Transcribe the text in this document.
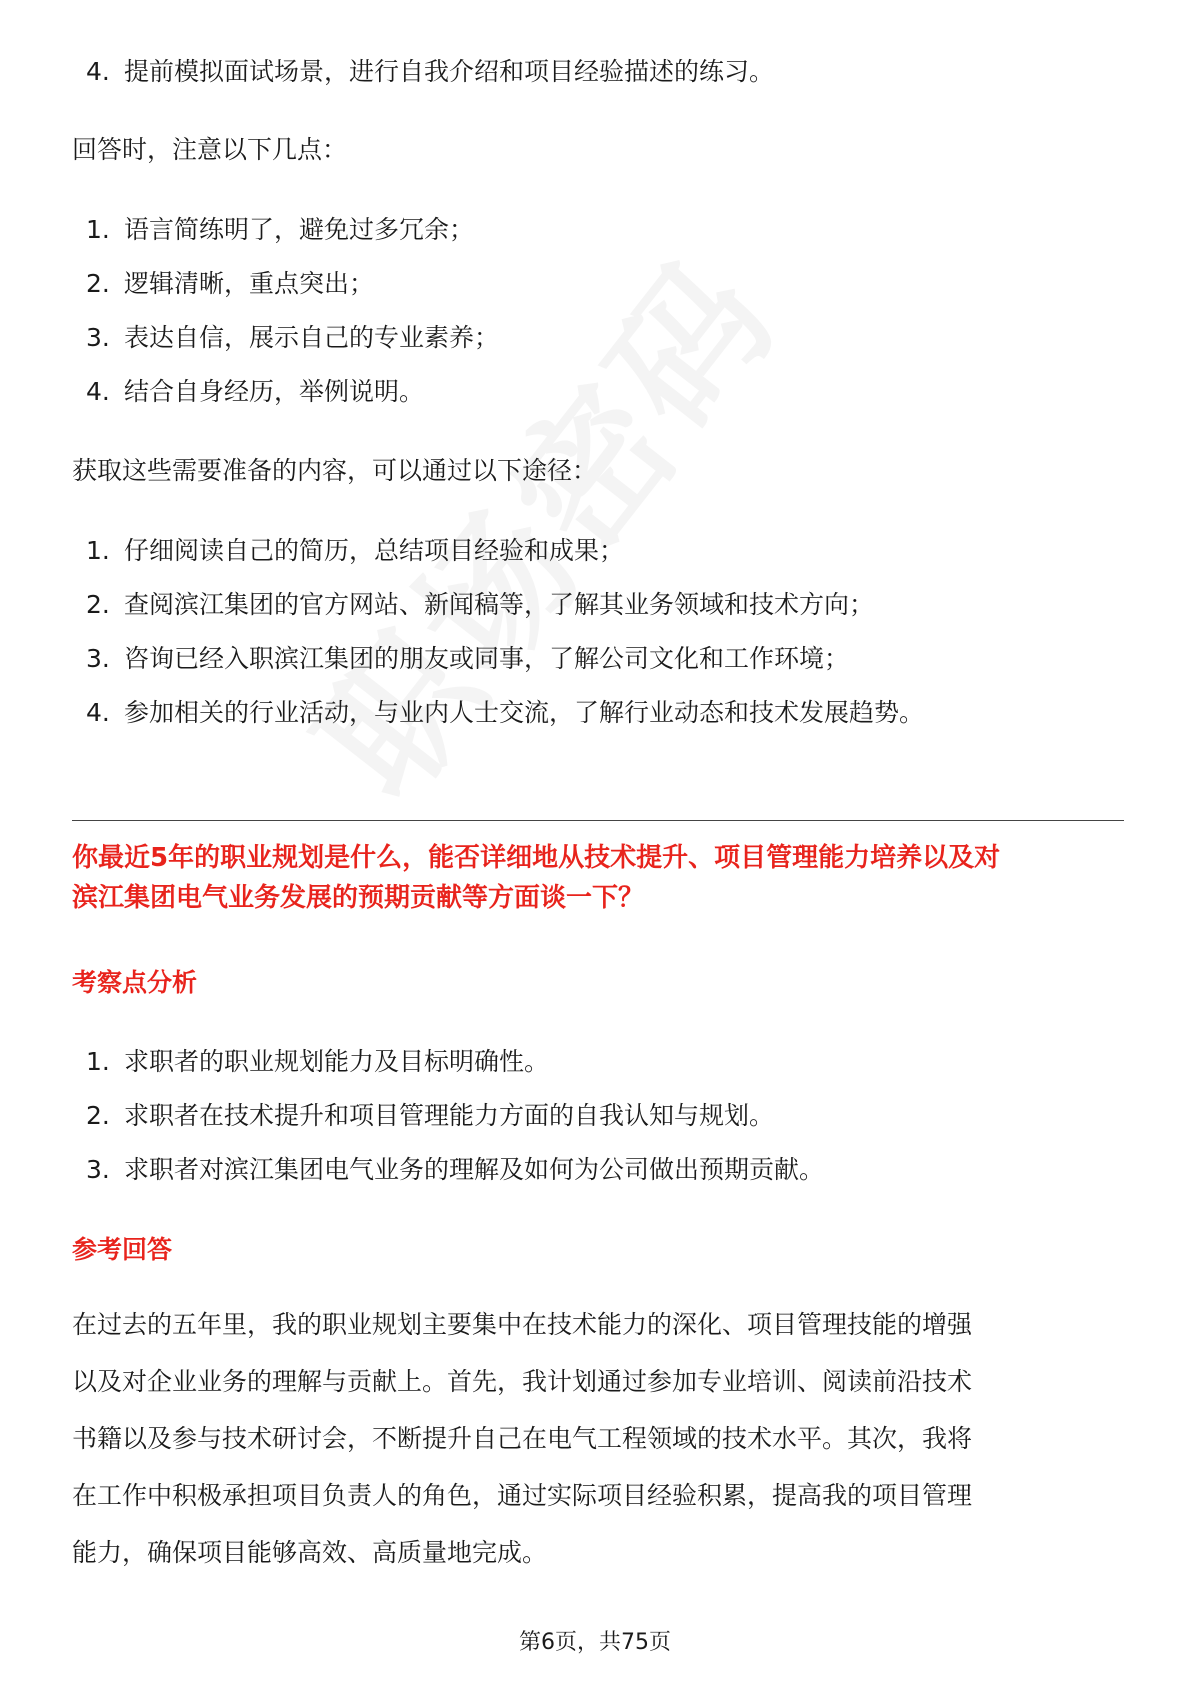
4. 提前模拟面试场景，进行自我介绍和项目经验描述的练习。
回答时，注意以下几点：
1. 语言简练明了，避免过多冗余；
2. 逻辑清晰，重点突出；
3. 表达自信，展示自己的专业素养；
4. 结合自身经历，举例说明。
获取这些需要准备的内容，可以通过以下途径：
1. 仔细阅读自己的简历，总结项目经验和成果；
2. 查阅滨江集团的官方网站、新闻稿等，了解其业务领域和技术方向；
3. 咨询已经入职滨江集团的朋友或同事，了解公司文化和工作环境；
4. 参加相关的行业活动，与业内人士交流，了解行业动态和技术发展趋势。
你最近5年的职业规划是什么，能否详细地从技术提升、项目管理能力培养以及对
滨江集团电气业务发展的预期贡献等方面谈一下？
考察点分析
1. 求职者的职业规划能力及目标明确性。
2. 求职者在技术提升和项目管理能力方面的自我认知与规划。
3. 求职者对滨江集团电气业务的理解及如何为公司做出预期贡献。
参考回答
在过去的五年里，我的职业规划主要集中在技术能力的深化、项目管理技能的增强
以及对企业业务的理解与贡献上。首先，我计划通过参加专业培训、阅读前沿技术
书籍以及参与技术研讨会，不断提升自己在电气工程领域的技术水平。其次，我将
在工作中积极承担项目负责人的角色，通过实际项目经验积累，提高我的项目管理
能力，确保项目能够高效、高质量地完成。
第6页，共75页
